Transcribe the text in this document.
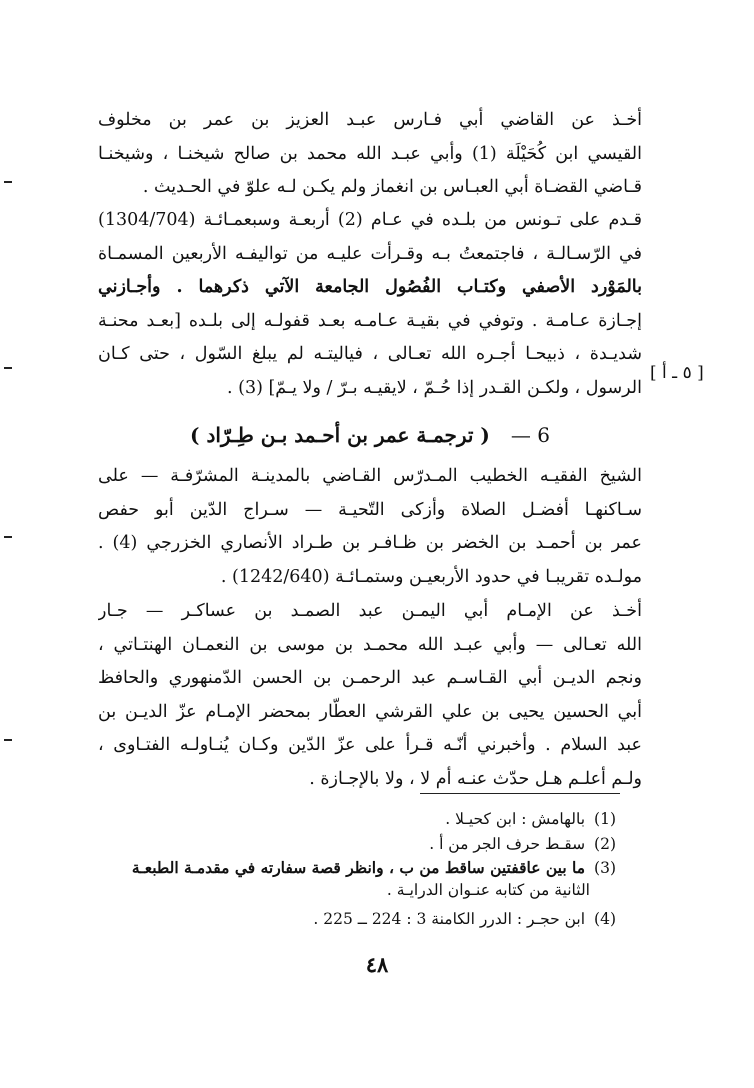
أخـذ عن القاضي أبي فـارس عبـد العزيز بن عمر بن مخلوف
القيسي ابن كُحَيْلَة (1) وأبي عبـد الله محمد بن صالح شيخنـا ، وشيخنـا
قـاضي القضـاة أبي العبـاس بن انغماز ولم يكـن لـه علوّ في الحـديث .
قـدم على تـونس من بلـده في عـام (2) أربعـة وسبعمـائـة (1304/704)
في الرّسـالـة ، فاجتمعتُ بـه وقـرأت عليـه من تواليفـه الأربعين المسمـاة
بالمَوْرد الأصفي وكتـاب الفُصُول الجامعة الآتي ذكرهما . وأجـازني
إجـازة عـامـة . وتوفي في بقيـة عـامـه بعـد قفولـه إلى بلـده [بعـد محنـة
شديـدة ، ذبيحـا أجـره الله تعـالى ، فياليتـه لم يبلغ السّول ، حتى كـان
الرسول ، ولكـن القـدر إذا حُـمّ ، لايقيـه بـرّ / ولا يـمّ] (3) .
[ ٥ ـ أ ]
6 — ( ترجمـة عمر بن أحـمد بـن طِـرّاد )
الشيخ الفقيـه الخطيب المـدرّس القـاضي بالمدينـة المشرّفـة — على
سـاكنهـا أفضـل الصلاة وأزكى التّحيـة — سـراج الدّين أبو حفص
عمر بن أحمـد بن الخضر بن ظـافـر بن طـراد الأنصاري الخزرجي (4) .
مولـده تقريبـا في حدود الأربعيـن وستمـائـة (1242/640) .
أخـذ عن الإمـام أبي اليمـن عبد الصمـد بن عساكـر — جـار
الله تعـالى — وأبي عبـد الله محمـد بن موسى بن النعمـان الهنتـاتي ،
ونجم الديـن أبي القـاسـم عبد الرحمـن بن الحسن الدّمنهوري والحافظ
أبي الحسين يحيى بن علي القرشي العطّار بمحضر الإمـام عزّ الديـن بن
عبد السلام . وأخبرني أنّـه قـرأ على عزّ الدّين وكـان يُنـاولـه الفتـاوى ،
ولـم أعلـم هـل حدّث عنـه أم لا ، ولا بالإجـازة .
(1) بالهامش : ابن كحيـلا .
(2) سقـط حرف الجر من أ .
(3) ما بين عاقفتين ساقط من ب ، وانظر قصة سفارته في مقدمـة الطبعـة
الثانية من كتابه عنـوان الدرايـة .
(4) ابن حجـر : الدرر الكامنة 3 : 224 ــ 225 .
٤٨
